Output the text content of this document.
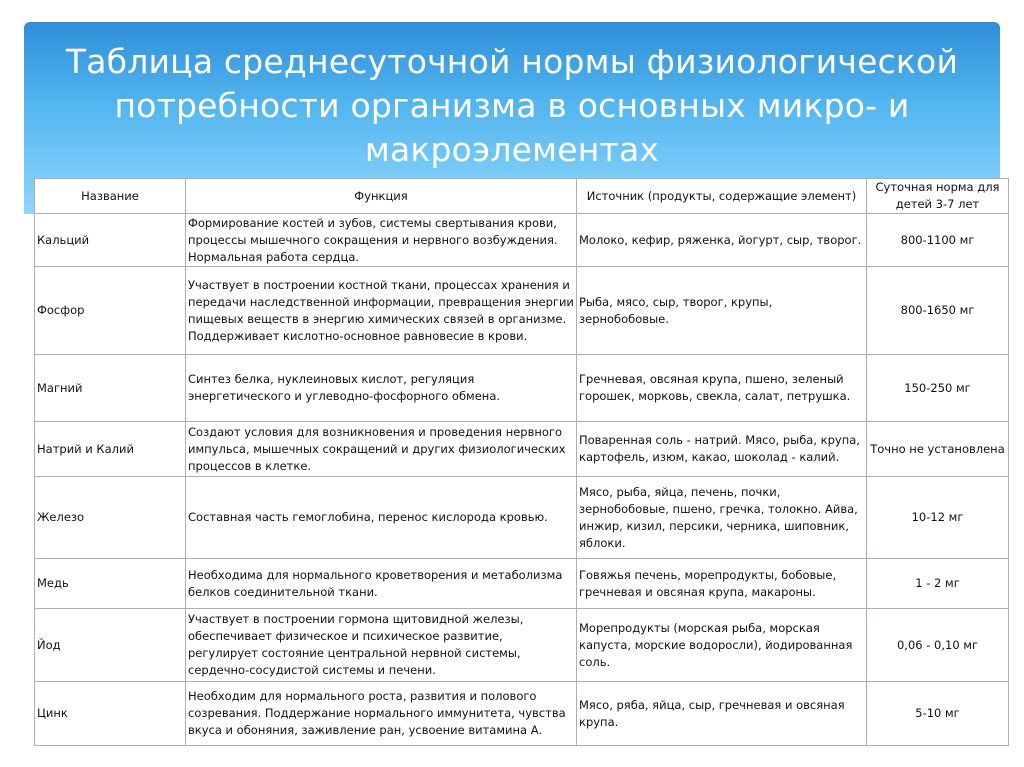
Таблица среднесуточной нормы физиологической потребности организма в основных микро- и макроэлементах
Название	Функция	Источник (продукты, содержащие элемент)	Суточная норма для детей 3-7 лет
Кальций	Формирование костей и зубов, системы свертывания крови, процессы мышечного сокращения и нервного возбуждения. Нормальная работа сердца.	Молоко, кефир, ряженка, йогурт, сыр, творог.	800-1100 мг
Фосфор	Участвует в построении костной ткани, процессах хранения и передачи наследственной информации, превращения энергии пищевых веществ в энергию химических связей в организме. Поддерживает кислотно-основное равновесие в крови.	Рыба, мясо, сыр, творог, крупы, зернобобовые.	800-1650 мг
Магний	Синтез белка, нуклеиновых кислот, регуляция энергетического и углеводно-фосфорного обмена.	Гречневая, овсяная крупа, пшено, зеленый горошек, морковь, свекла, салат, петрушка.	150-250 мг
Натрий и Калий	Создают условия для возникновения и проведения нервного импульса, мышечных сокращений и других физиологических процессов в клетке.	Поваренная соль - натрий. Мясо, рыба, крупа, картофель, изюм, какао, шоколад - калий.	Точно не установлена
Железо	Составная часть гемоглобина, перенос кислорода кровью.	Мясо, рыба, яйца, печень, почки, зернобобовые, пшено, гречка, толокно. Айва, инжир, кизил, персики, черника, шиповник, яблоки.	10-12 мг
Медь	Необходима для нормального кроветворения и метаболизма белков соединительной ткани.	Говяжья печень, морепродукты, бобовые, гречневая и овсяная крупа, макароны.	1 - 2 мг
Йод	Участвует в построении гормона щитовидной железы, обеспечивает физическое и психическое развитие, регулирует состояние центральной нервной системы, сердечно-сосудистой системы и печени.	Морепродукты (морская рыба, морская капуста, морские водоросли), йодированная соль.	0,06 - 0,10 мг
Цинк	Необходим для нормального роста, развития и полового созревания. Поддержание нормального иммунитета, чувства вкуса и обоняния, заживление ран, усвоение витамина А.	Мясо, ряба, яйца, сыр, гречневая и овсяная крупа.	5-10 мг
